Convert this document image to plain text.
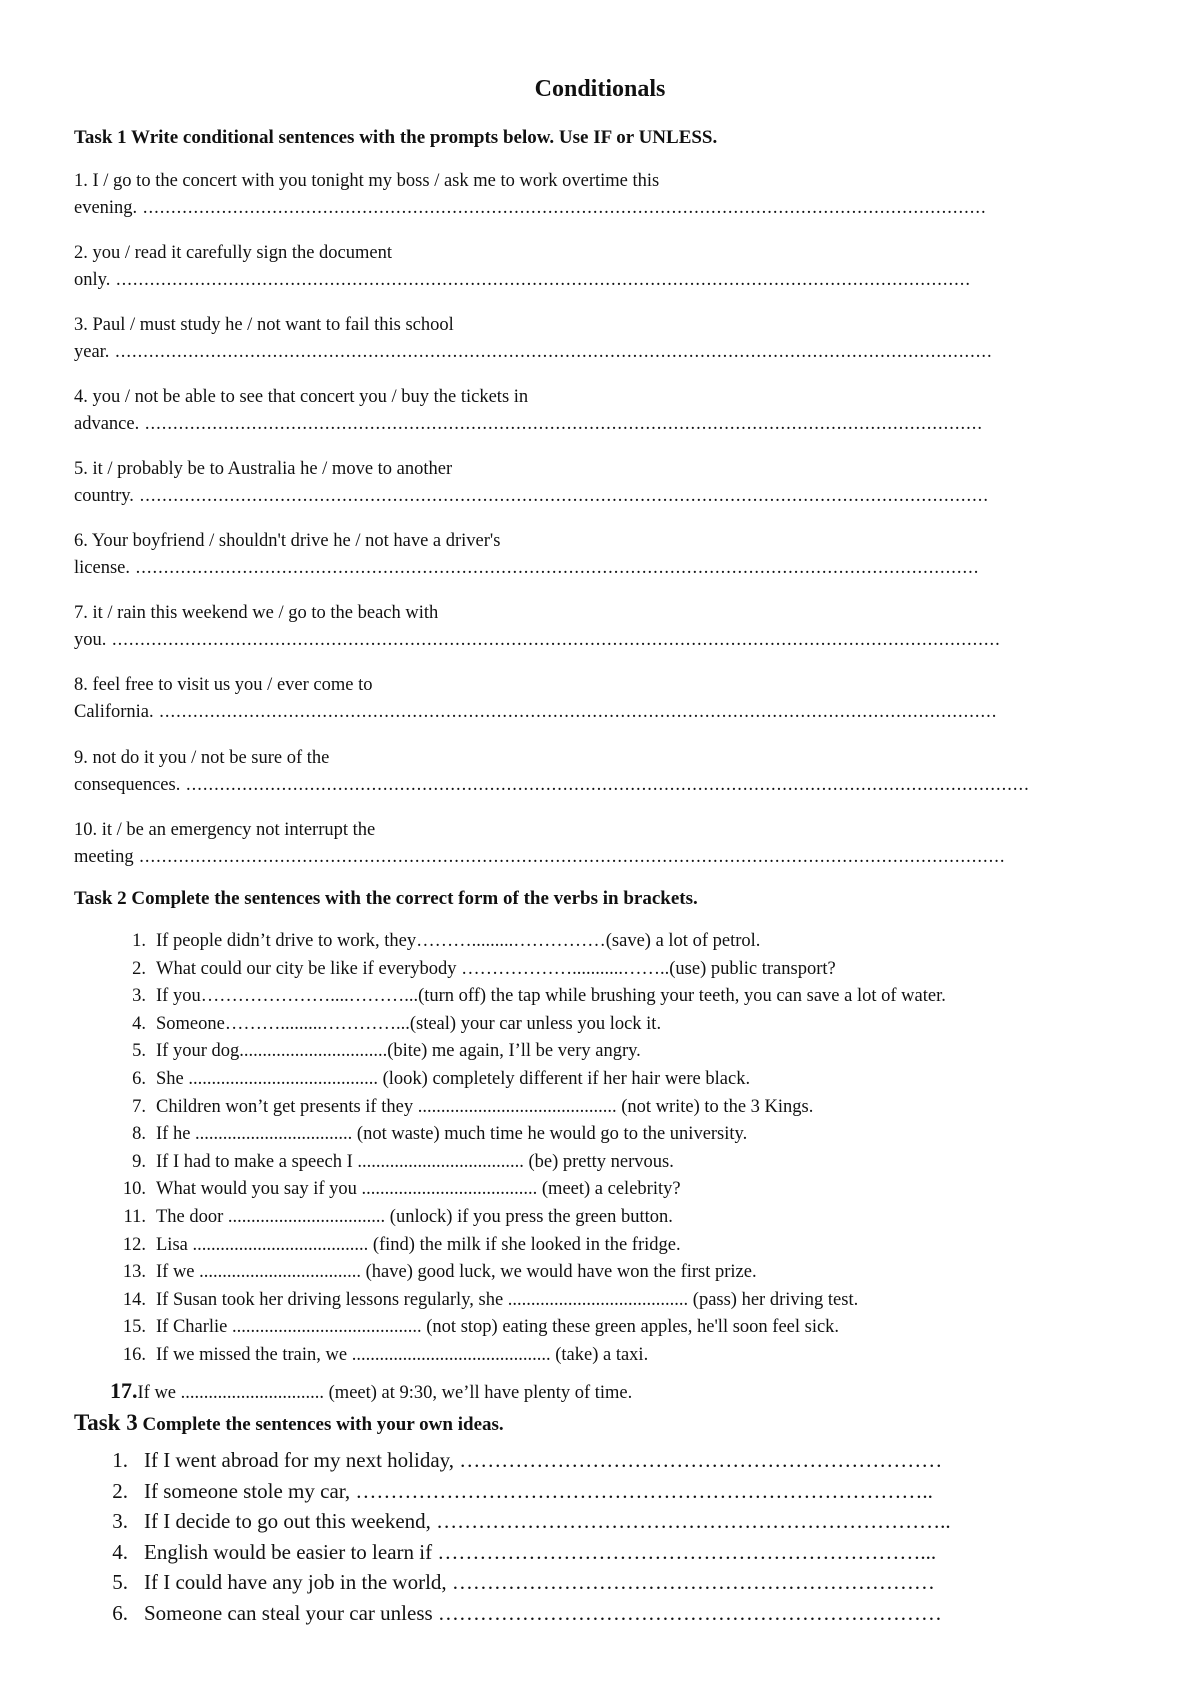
Conditionals
Task 1 Write conditional sentences with the prompts below. Use IF or UNLESS.
1. I / go to the concert with you tonight my boss / ask me to work overtime this
evening. ......................................................................................................................................................
2. you / read it carefully sign the document
only. ........................................................................................................................................................
3. Paul / must study he / not want to fail this school
year. ............................................................................................................................................................
4. you / not be able to see that concert you / buy the tickets in
advance. .....................................................................................................................................................
5. it / probably be to Australia he / move to another
country. .......................................................................................................................................................
6. Your boyfriend / shouldn't drive he / not have a driver's
license. ......................................................................................................................................................
7. it / rain this weekend we / go to the beach with
you. ..............................................................................................................................................................
8. feel free to visit us you / ever come to
California. .....................................................................................................................................................
9. not do it you / not be sure of the
consequences. ......................................................................................................................................................
10. it / be an emergency not interrupt the
meeting ..........................................................................................................................................................
Task 2 Complete the sentences with the correct form of the verbs in brackets.
1. If people didn’t drive to work, they……….........……………(save) a lot of petrol.
2. What could our city be like if everybody ………………...........……..(use) public transport?
3. If you…………………....………...(turn off) the tap while brushing your teeth, you can save a lot of water.
4. Someone……….........…………...(steal) your car unless you lock it.
5. If your dog................................(bite) me again, I’ll be very angry.
6. She ......................................... (look) completely different if her hair were black.
7. Children won’t get presents if they ........................................... (not write) to the 3 Kings.
8. If he .................................. (not waste) much time he would go to the university.
9. If I had to make a speech I .................................... (be) pretty nervous.
10. What would you say if you ...................................... (meet) a celebrity?
11. The door .................................. (unlock) if you press the green button.
12. Lisa ...................................... (find) the milk if she looked in the fridge.
13. If we ................................... (have) good luck, we would have won the first prize.
14. If Susan took her driving lessons regularly, she ....................................... (pass) her driving test.
15. If Charlie ......................................... (not stop) eating these green apples, he'll soon feel sick.
16. If we missed the train, we ........................................... (take) a taxi.
17.If we ............................... (meet) at 9:30, we’ll have plenty of time.
Task 3 Complete the sentences with your own ideas.
1. If I went abroad for my next holiday, ……………………………………………………………
2. If someone stole my car, ………………………………………………………………………..
3. If I decide to go out this weekend, ………………………………………………………………..
4. English would be easier to learn if ……………………………………………………………...
5. If I could have any job in the world, ……………………………………………………………
6. Someone can steal your car unless ………………………………………………………………
